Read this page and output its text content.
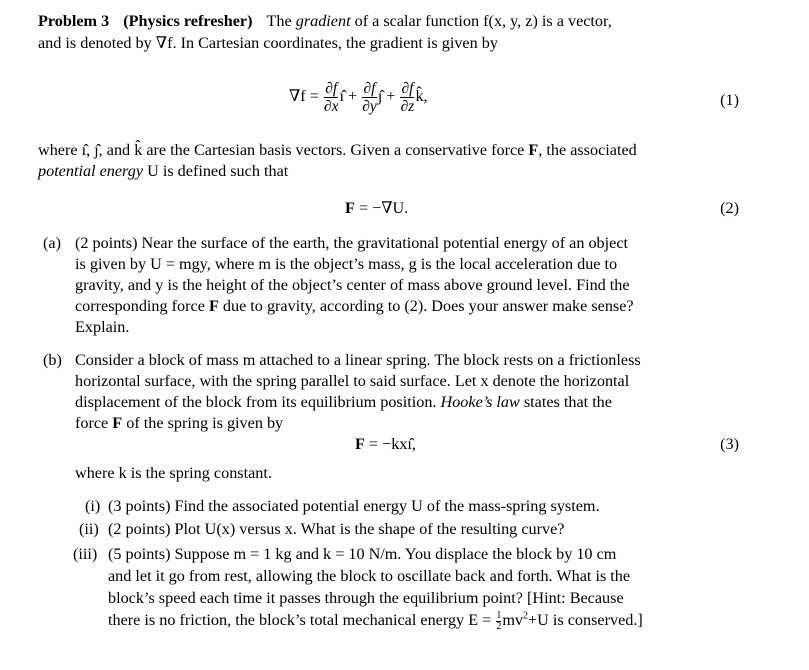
Problem 3 (Physics refresher) The gradient of a scalar function f(x, y, z) is a vector,
and is denoted by ∇f. In Cartesian coordinates, the gradient is given by
$\nabla f = \frac{\partial f}{\partial x}$ ı̂ + $\frac{\partial f}{\partial y}$ ȷ̂ + $\frac{\partial f}{\partial z}$ k̂,	(1)
where ı̂, ȷ̂, and k̂ are the Cartesian basis vectors. Given a conservative force F, the associated
potential energy U is defined such that
F = −∇U.	(2)
(a) (2 points) Near the surface of the earth, the gravitational potential energy of an object
is given by U = mgy, where m is the object’s mass, g is the local acceleration due to
gravity, and y is the height of the object’s center of mass above ground level. Find the
corresponding force F due to gravity, according to (2). Does your answer make sense?
Explain.
(b) Consider a block of mass m attached to a linear spring. The block rests on a frictionless
horizontal surface, with the spring parallel to said surface. Let x denote the horizontal
displacement of the block from its equilibrium position. Hooke’s law states that the
force F of the spring is given by
F = −kxı̂,	(3)
where k is the spring constant.
(i) (3 points) Find the associated potential energy U of the mass-spring system.
(ii) (2 points) Plot U(x) versus x. What is the shape of the resulting curve?
(iii) (5 points) Suppose m = 1 kg and k = 10 N/m. You displace the block by 10 cm
and let it go from rest, allowing the block to oscillate back and forth. What is the
block’s speed each time it passes through the equilibrium point? [Hint: Because
there is no friction, the block’s total mechanical energy $E = \frac{1}{2} mv^2+U$ is conserved.]
